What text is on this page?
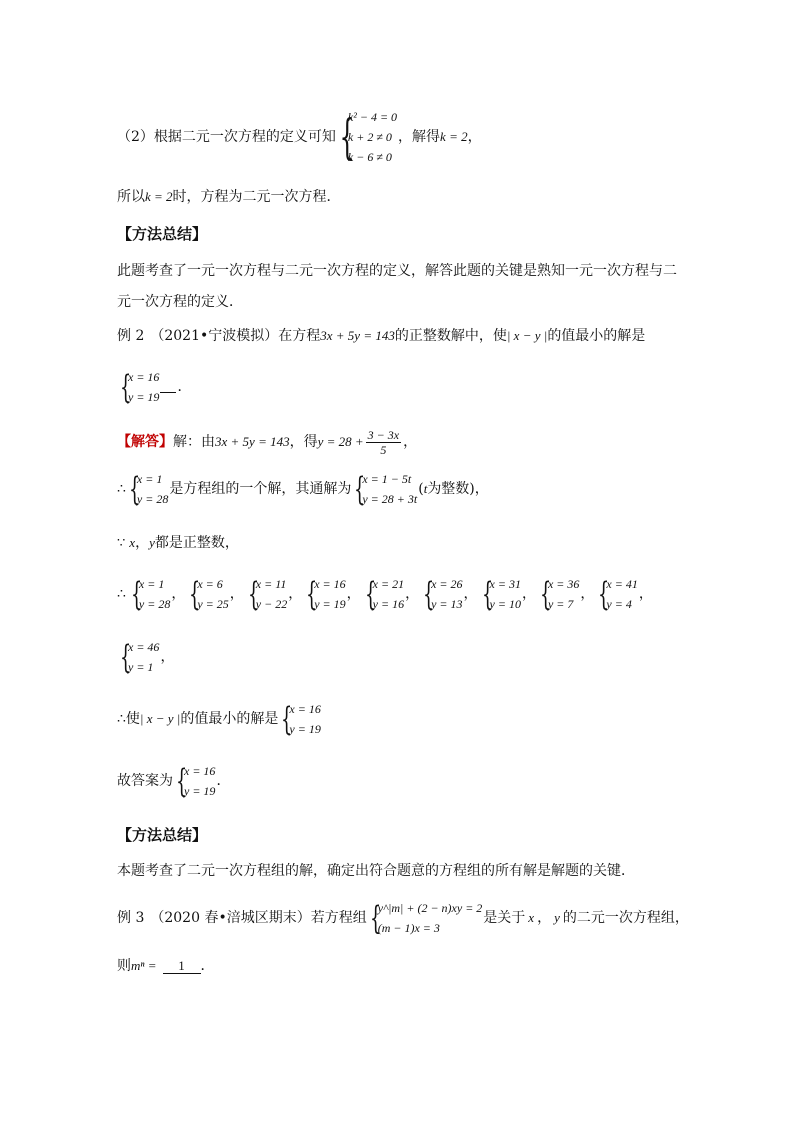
（2）根据二元一次方程的定义可知 {
k² − 4 = 0
k + 2 ≠ 0
k − 6 ≠ 0
，解得 k = 2 ，
所以 k = 2 时，方程为二元一次方程．
【方法总结】
此题考查了一元一次方程与二元一次方程的定义，解答此题的关键是熟知一元一次方程与二
元一次方程的定义．
例 2 （2021•宁波模拟）在方程 3x + 5y = 143 的正整数解中，使 | x − y | 的值最小的解是
{
x = 16
y = 19
．
【解答】 解：由 3x + 5y = 143 ，得 $y = 28 + \frac{3 - 3x}{5}$ ，
∴ {
x = 1
y = 28
是方程组的一个解，其通解为 {
x = 1 − 5t
y = 28 + 3t
( t 为整数)，
∵ x ， y 都是正整数，
∴ {
x = 1
y = 28
， {
x = 6
y = 25
， {
x = 11
y − 22
， {
x = 16
y = 19
， {
x = 21
y = 16
， {
x = 26
y = 13
， {
x = 31
y = 10
， {
x = 36
y = 7
， {
x = 41
y = 4
，
{
x = 46
y = 1
，
∴ 使 | x − y | 的值最小的解是 {
x = 16
y = 19
故答案为 {
x = 16
y = 19
．
【方法总结】
本题考查了二元一次方程组的解，确定出符合题意的方程组的所有解是解题的关键．
例 3 （2020 春•涪城区期末）若方程组 {
y^|m| + (2 − n)xy = 2
(m − 1)x = 3
是关于 x ， y 的二元一次方程组，
则 mⁿ =	1	．
